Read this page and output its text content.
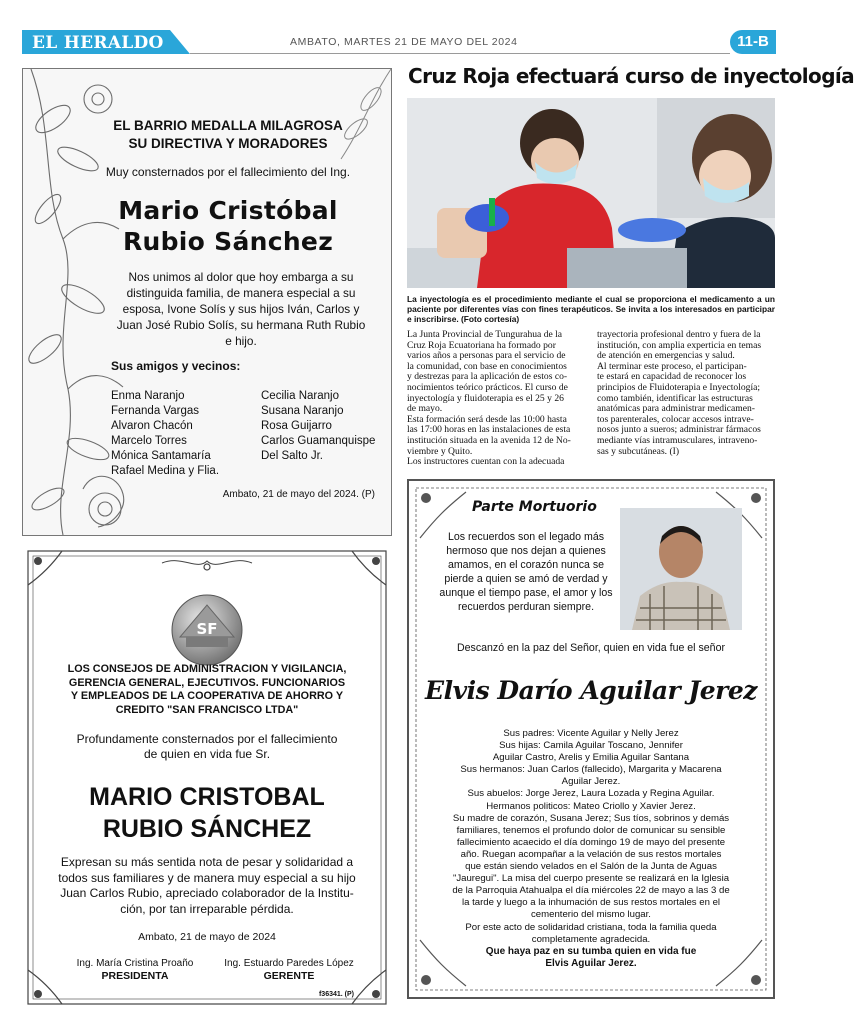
EL HERALDO	AMBATO, MARTES 21 DE MAYO DEL 2024	11-B
EL BARRIO MEDALLA MILAGROSA
SU DIRECTIVA Y MORADORES
Muy consternados por el fallecimiento del Ing.
Mario Cristóbal
Rubio Sánchez
Nos unimos al dolor que hoy embarga a su
distinguida familia, de manera especial a su
esposa, Ivone Solís y sus hijos Iván, Carlos y
Juan José Rubio Solís, su hermana Ruth Rubio
e hijo.
Sus amigos y vecinos:
Enma Naranjo
Fernanda Vargas
Alvaron Chacón
Marcelo Torres
Mónica Santamaría
Rafael Medina y Flia.
Cecilia Naranjo
Susana Naranjo
Rosa Guijarro
Carlos Guamanquispe
Del Salto Jr.
Ambato, 21 de mayo del 2024. (P)
Cruz Roja efectuará curso de inyectología
La inyectología es el procedimiento mediante el cual se proporciona el medicamento a un paciente por diferentes vías con fines terapéuticos. Se invita a los interesados en participar e inscribirse. (Foto cortesía)
La Junta Provincial de Tungurahua de la
Cruz Roja Ecuatoriana ha formado por
varios años a personas para el servicio de
la comunidad, con base en conocimientos
y destrezas para la aplicación de estos co-
nocimientos teórico prácticos. El curso de
inyectología y fluidoterapia es el 25 y 26
de mayo.
Esta formación será desde las 10:00 hasta
las 17:00 horas en las instalaciones de esta
institución situada en la avenida 12 de No-
viembre y Quito.
Los instructores cuentan con la adecuada
trayectoria profesional dentro y fuera de la
institución, con amplia experticia en temas
de atención en emergencias y salud.
Al terminar este proceso, el participan-
te estará en capacidad de reconocer los
principios de Fluidoterapia e Inyectología;
como también, identificar las estructuras
anatómicas para administrar medicamen-
tos parenterales, colocar accesos intrave-
nosos junto a sueros; administrar fármacos
mediante vías intramusculares, intraveno-
sas y subcutáneas. (I)
SF
LOS CONSEJOS DE ADMINISTRACION Y VIGILANCIA,
GERENCIA GENERAL, EJECUTIVOS. FUNCIONARIOS
Y EMPLEADOS DE LA COOPERATIVA DE AHORRO Y
CREDITO "SAN FRANCISCO LTDA"
Profundamente consternados por el fallecimiento
de quien en vida fue Sr.
MARIO CRISTOBAL
RUBIO SÁNCHEZ
Expresan su más sentida nota de pesar y solidaridad a
todos sus familiares y de manera muy especial a su hijo
Juan Carlos Rubio, apreciado colaborador de la Institu-
ción, por tan irreparable pérdida.
Ambato, 21 de mayo de 2024
Ing. María Cristina Proaño
PRESIDENTA
Ing. Estuardo Paredes López
GERENTE
f36341. (P)
Parte Mortuorio
Los recuerdos son el legado más
hermoso que nos dejan a quienes
amamos, en el corazón nunca se
pierde a quien se amó de verdad y
aunque el tiempo pase, el amor y los
recuerdos perduran siempre.
Descanzó en la paz del Señor, quien en vida fue el señor
Elvis Darío Aguilar Jerez
Sus padres: Vicente Aguilar y Nelly Jerez
Sus hijas: Camila Aguilar Toscano, Jennifer
Aguilar Castro, Arelis y Emilia Aguilar Santana
Sus hermanos: Juan Carlos (fallecido), Margarita y Macarena
Aguilar Jerez.
Sus abuelos: Jorge Jerez, Laura Lozada y Regina Aguilar.
Hermanos politicos: Mateo Criollo y Xavier Jerez.
Su madre de corazón, Susana Jerez; Sus tíos, sobrinos y demás
familiares, tenemos el profundo dolor de comunicar su sensible
fallecimiento acaecido el día domingo 19 de mayo del presente
año. Ruegan acompañar a la velación de sus restos mortales
que están siendo velados en el Salón de la Junta de Aguas
"Jauregui". La misa del cuerpo presente se realizará en la Iglesia
de la Parroquia Atahualpa el día miércoles 22 de mayo a las 3 de
la tarde y luego a la inhumación de sus restos mortales en el
cementerio del mismo lugar.
Por este acto de solidaridad cristiana, toda la familia queda
completamente agradecida.
Que haya paz en su tumba quien en vida fue
Elvis Aguilar Jerez.
